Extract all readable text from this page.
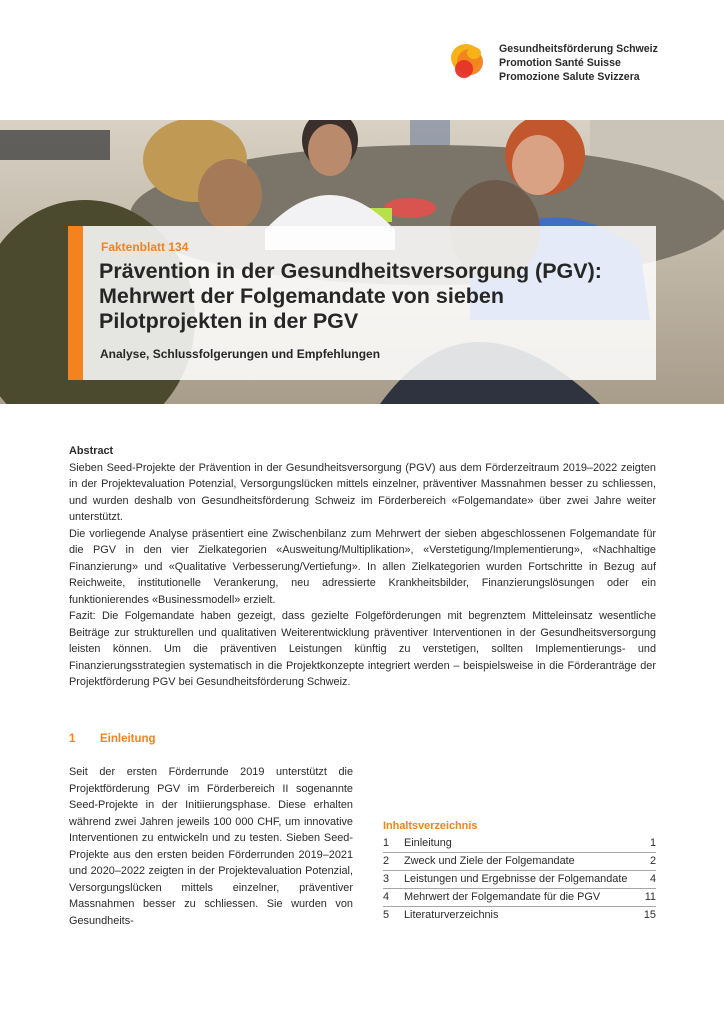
Gesundheitsförderung Schweiz
Promotion Santé Suisse
Promozione Salute Svizzera
Faktenblatt 134
Prävention in der Gesundheitsversorgung (PGV): Mehrwert der Folgemandate von sieben Pilotprojekten in der PGV
Analyse, Schlussfolgerungen und Empfehlungen
Abstract

Sieben Seed-Projekte der Prävention in der Gesundheitsversorgung (PGV) aus dem Förderzeitraum 2019–2022 zeigten in der Projektevaluation Potenzial, Versorgungslücken mittels einzelner, präventiver Massnahmen besser zu schliessen, und wurden deshalb von Gesundheitsförderung Schweiz im Förderbereich «Folgemandate» über zwei Jahre weiter unterstützt.

Die vorliegende Analyse präsentiert eine Zwischenbilanz zum Mehrwert der sieben abgeschlossenen Folgemandate für die PGV in den vier Zielkategorien «Ausweitung/Multiplikation», «Verstetigung/Implementierung», «Nachhaltige Finanzierung» und «Qualitative Verbesserung/Vertiefung». In allen Zielkategorien wurden Fortschritte in Bezug auf Reichweite, institutionelle Verankerung, neu adressierte Krankheitsbilder, Finanzierungslösungen oder ein funktionierendes «Businessmodell» erzielt.

Fazit: Die Folgemandate haben gezeigt, dass gezielte Folgeförderungen mit begrenztem Mitteleinsatz wesentliche Beiträge zur strukturellen und qualitativen Weiterentwicklung präventiver Interventionen in der Gesundheitsversorgung leisten können. Um die präventiven Leistungen künftig zu verstetigen, sollten Implementierungs- und Finanzierungsstrategien systematisch in die Projektkonzepte integriert werden – beispielsweise in die Förderanträge der Projektförderung PGV bei Gesundheitsförderung Schweiz.

1 Einleitung

Seit der ersten Förderrunde 2019 unterstützt die Projektförderung PGV im Förderbereich II sogenannte Seed-Projekte in der Initiierungsphase. Diese erhalten während zwei Jahren jeweils 100 000 CHF, um innovative Interventionen zu entwickeln und zu testen. Sieben Seed-Projekte aus den ersten beiden Förderrunden 2019–2021 und 2020–2022 zeigten in der Projektevaluation Potenzial, Versorgungslücken mittels einzelner, präventiver Massnahmen besser zu schliessen. Sie wurden von Gesundheits-

Inhaltsverzeichnis
1	Einleitung	1
2	Zweck und Ziele der Folgemandate	2
3	Leistungen und Ergebnisse der Folgemandate	4
4	Mehrwert der Folgemandate für die PGV	11
5	Literaturverzeichnis	15
